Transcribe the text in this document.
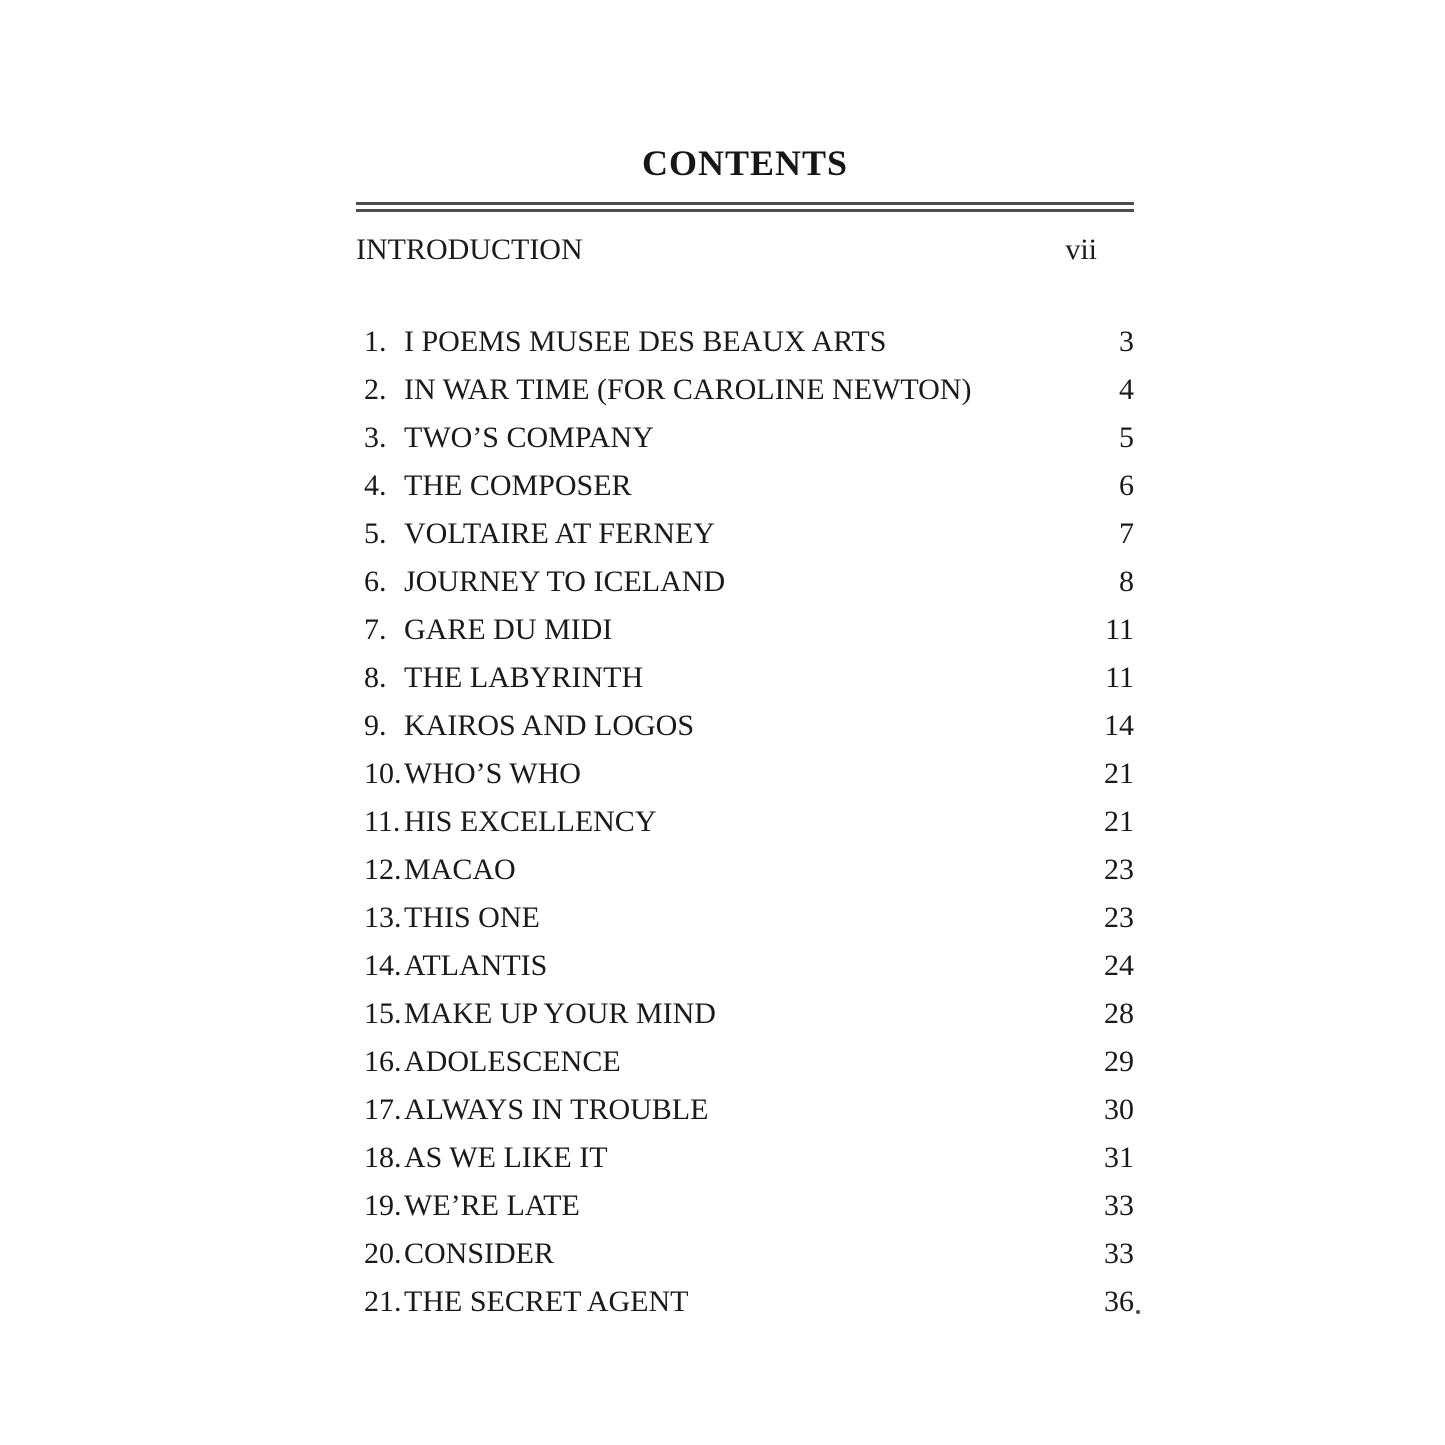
CONTENTS
INTRODUCTION	vii
1. I POEMS MUSEE DES BEAUX ARTS	3
2. IN WAR TIME (FOR CAROLINE NEWTON)	4
3. TWO’S COMPANY	5
4. THE COMPOSER	6
5. VOLTAIRE AT FERNEY	7
6. JOURNEY TO ICELAND	8
7. GARE DU MIDI	11
8. THE LABYRINTH	11
9. KAIROS AND LOGOS	14
10. WHO’S WHO	21
11. HIS EXCELLENCY	21
12. MACAO	23
13. THIS ONE	23
14. ATLANTIS	24
15. MAKE UP YOUR MIND	28
16. ADOLESCENCE	29
17. ALWAYS IN TROUBLE	30
18. AS WE LIKE IT	31
19. WE’RE LATE	33
20. CONSIDER	33
21. THE SECRET AGENT	36
